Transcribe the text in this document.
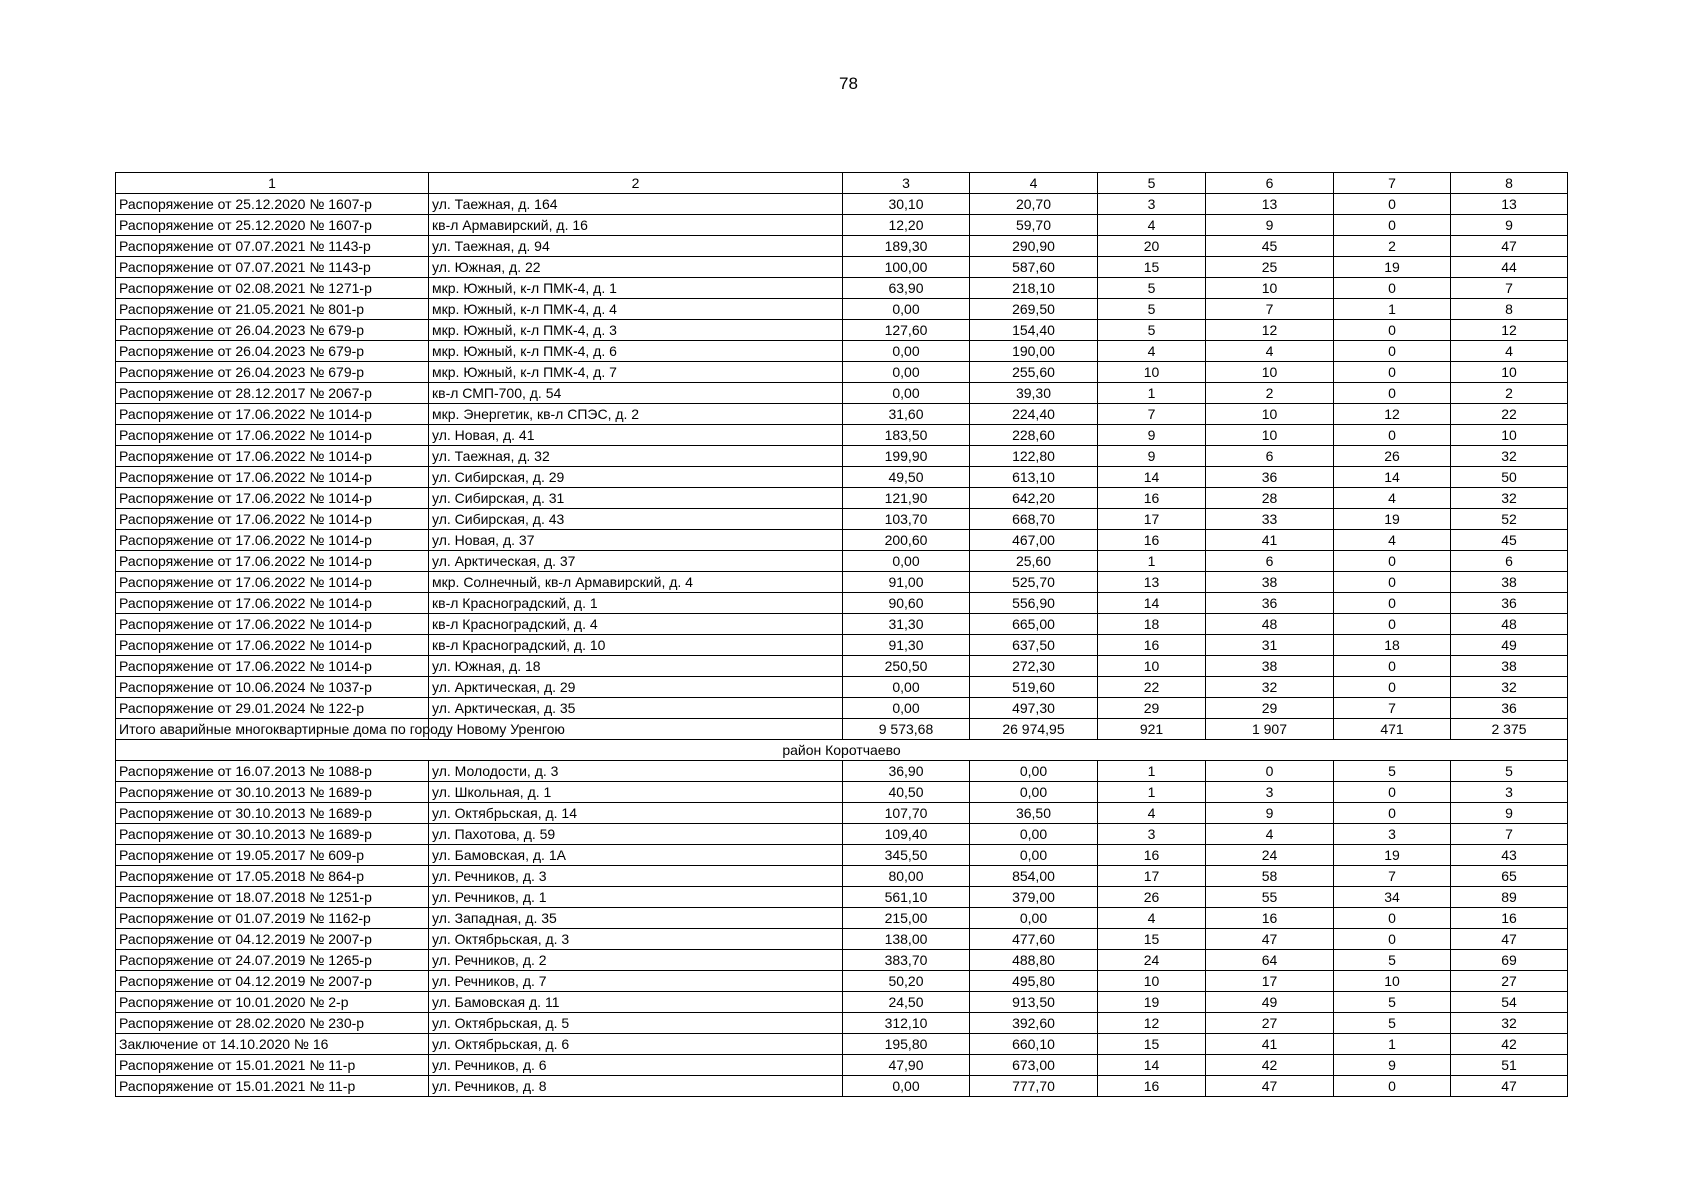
78
1	2	3	4	5	6	7	8
Распоряжение от 25.12.2020 № 1607-р	ул. Таежная, д. 164	30,10	20,70	3	13	0	13
Распоряжение от 25.12.2020 № 1607-р	кв-л Армавирский, д. 16	12,20	59,70	4	9	0	9
Распоряжение от 07.07.2021 № 1143-р	ул. Таежная, д. 94	189,30	290,90	20	45	2	47
Распоряжение от 07.07.2021 № 1143-р	ул. Южная, д. 22	100,00	587,60	15	25	19	44
Распоряжение от 02.08.2021 № 1271-р	мкр. Южный, к-л ПМК-4, д. 1	63,90	218,10	5	10	0	7
Распоряжение от 21.05.2021 № 801-р	мкр. Южный, к-л ПМК-4, д. 4	0,00	269,50	5	7	1	8
Распоряжение от 26.04.2023 № 679-р	мкр. Южный, к-л ПМК-4, д. 3	127,60	154,40	5	12	0	12
Распоряжение от 26.04.2023 № 679-р	мкр. Южный, к-л ПМК-4, д. 6	0,00	190,00	4	4	0	4
Распоряжение от 26.04.2023 № 679-р	мкр. Южный, к-л ПМК-4, д. 7	0,00	255,60	10	10	0	10
Распоряжение от 28.12.2017 № 2067-р	кв-л СМП-700, д. 54	0,00	39,30	1	2	0	2
Распоряжение от 17.06.2022 № 1014-р	мкр. Энергетик, кв-л СПЭС, д. 2	31,60	224,40	7	10	12	22
Распоряжение от 17.06.2022 № 1014-р	ул. Новая, д. 41	183,50	228,60	9	10	0	10
Распоряжение от 17.06.2022 № 1014-р	ул. Таежная, д. 32	199,90	122,80	9	6	26	32
Распоряжение от 17.06.2022 № 1014-р	ул. Сибирская, д. 29	49,50	613,10	14	36	14	50
Распоряжение от 17.06.2022 № 1014-р	ул. Сибирская, д. 31	121,90	642,20	16	28	4	32
Распоряжение от 17.06.2022 № 1014-р	ул. Сибирская, д. 43	103,70	668,70	17	33	19	52
Распоряжение от 17.06.2022 № 1014-р	ул. Новая, д. 37	200,60	467,00	16	41	4	45
Распоряжение от 17.06.2022 № 1014-р	ул. Арктическая, д. 37	0,00	25,60	1	6	0	6
Распоряжение от 17.06.2022 № 1014-р	мкр. Солнечный, кв-л Армавирский, д. 4	91,00	525,70	13	38	0	38
Распоряжение от 17.06.2022 № 1014-р	кв-л Красноградский, д. 1	90,60	556,90	14	36	0	36
Распоряжение от 17.06.2022 № 1014-р	кв-л Красноградский, д. 4	31,30	665,00	18	48	0	48
Распоряжение от 17.06.2022 № 1014-р	кв-л Красноградский, д. 10	91,30	637,50	16	31	18	49
Распоряжение от 17.06.2022 № 1014-р	ул. Южная, д. 18	250,50	272,30	10	38	0	38
Распоряжение от 10.06.2024 № 1037-р	ул. Арктическая, д. 29	0,00	519,60	22	32	0	32
Распоряжение от 29.01.2024 № 122-р	ул. Арктическая, д. 35	0,00	497,30	29	29	7	36
Итого аварийные многоквартирные дома по городу Новому Уренгою		9 573,68	26 974,95	921	1 907	471	2 375
район Коротчаево							
Распоряжение от 16.07.2013 № 1088-р	ул. Молодости, д. 3	36,90	0,00	1	0	5	5
Распоряжение от 30.10.2013 № 1689-р	ул. Школьная, д. 1	40,50	0,00	1	3	0	3
Распоряжение от 30.10.2013 № 1689-р	ул. Октябрьская, д. 14	107,70	36,50	4	9	0	9
Распоряжение от 30.10.2013 № 1689-р	ул. Пахотова, д. 59	109,40	0,00	3	4	3	7
Распоряжение от 19.05.2017 № 609-р	ул. Бамовская, д. 1А	345,50	0,00	16	24	19	43
Распоряжение от 17.05.2018 № 864-р	ул. Речников, д. 3	80,00	854,00	17	58	7	65
Распоряжение от 18.07.2018 № 1251-р	ул. Речников, д. 1	561,10	379,00	26	55	34	89
Распоряжение от 01.07.2019 № 1162-р	ул. Западная, д. 35	215,00	0,00	4	16	0	16
Распоряжение от 04.12.2019 № 2007-р	ул. Октябрьская, д. 3	138,00	477,60	15	47	0	47
Распоряжение от 24.07.2019 № 1265-р	ул. Речников, д. 2	383,70	488,80	24	64	5	69
Распоряжение от 04.12.2019 № 2007-р	ул. Речников, д. 7	50,20	495,80	10	17	10	27
Распоряжение от 10.01.2020 № 2-р	ул. Бамовская д. 11	24,50	913,50	19	49	5	54
Распоряжение от 28.02.2020 № 230-р	ул. Октябрьская, д. 5	312,10	392,60	12	27	5	32
Заключение от 14.10.2020 № 16	ул. Октябрьская, д. 6	195,80	660,10	15	41	1	42
Распоряжение от 15.01.2021 № 11-р	ул. Речников, д. 6	47,90	673,00	14	42	9	51
Распоряжение от 15.01.2021 № 11-р	ул. Речников, д. 8	0,00	777,70	16	47	0	47
